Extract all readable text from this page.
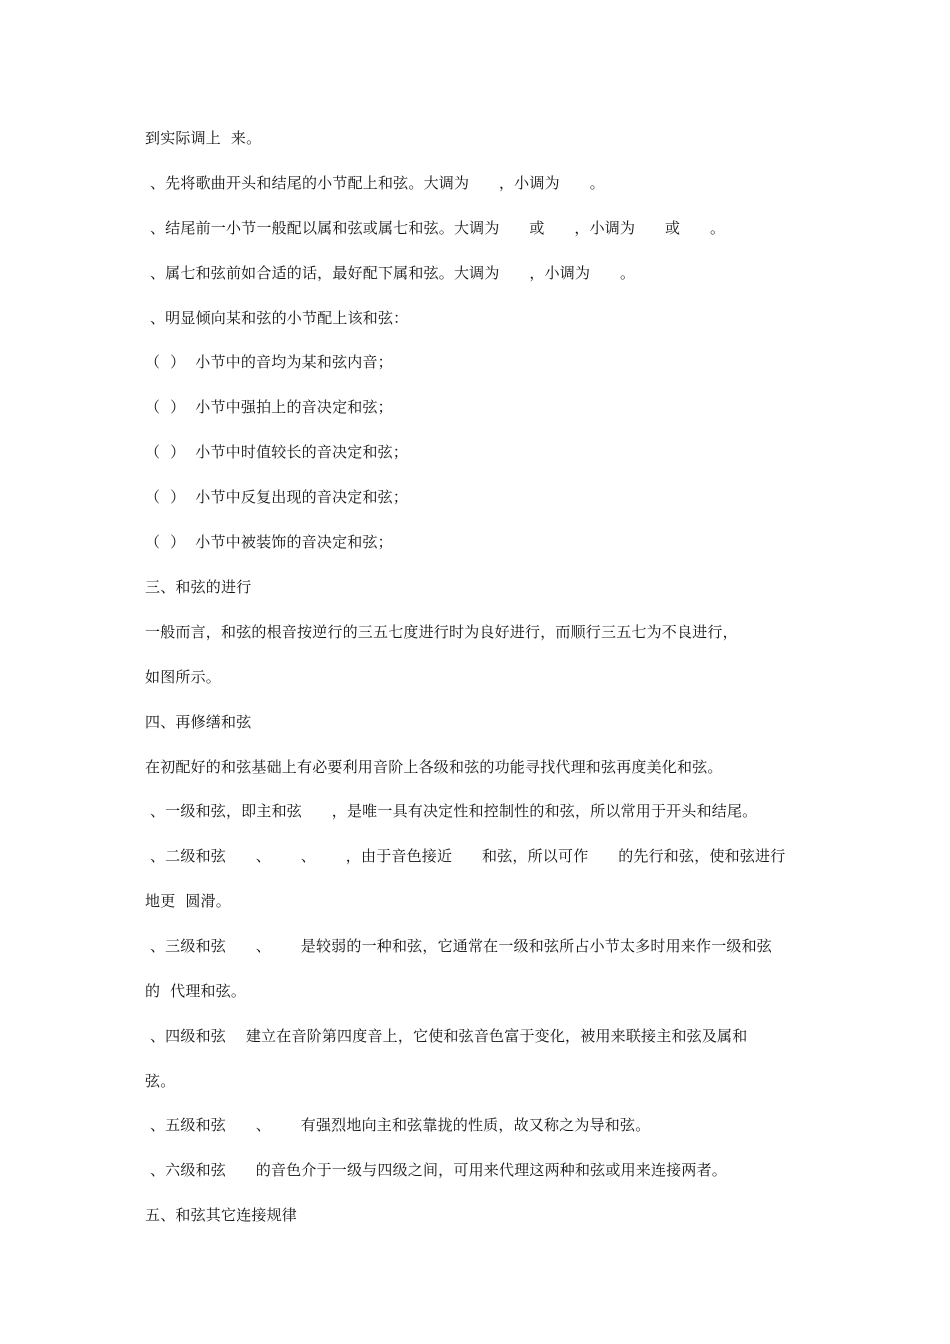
到实际调上  来。
、先将歌曲开头和结尾的小节配上和弦。大调为      ，小调为      。
、结尾前一小节一般配以属和弦或属七和弦。大调为      或      ，小调为      或      。
、属七和弦前如合适的话，最好配下属和弦。大调为      ，小调为      。
、明显倾向某和弦的小节配上该和弦：
（  ）  小节中的音均为某和弦内音；
（  ）  小节中强拍上的音决定和弦；
（  ）  小节中时值较长的音决定和弦；
（  ）  小节中反复出现的音决定和弦；
（  ）  小节中被装饰的音决定和弦；
三、和弦的进行
一般而言，和弦的根音按逆行的三五七度进行时为良好进行，而顺行三五七为不良进行，
如图所示。
四、再修缮和弦
在初配好的和弦基础上有必要利用音阶上各级和弦的功能寻找代理和弦再度美化和弦。
、一级和弦，即主和弦      ，是唯一具有决定性和控制性的和弦，所以常用于开头和结尾。
、二级和弦      、      、      ，由于音色接近      和弦，所以可作      的先行和弦，使和弦进行
地更  圆滑。
、三级和弦      、      是较弱的一种和弦，它通常在一级和弦所占小节太多时用来作一级和弦
的  代理和弦。
、四级和弦    建立在音阶第四度音上，它使和弦音色富于变化，被用来联接主和弦及属和
弦。
、五级和弦      、      有强烈地向主和弦靠拢的性质，故又称之为导和弦。
、六级和弦      的音色介于一级与四级之间，可用来代理这两种和弦或用来连接两者。
五、和弦其它连接规律
